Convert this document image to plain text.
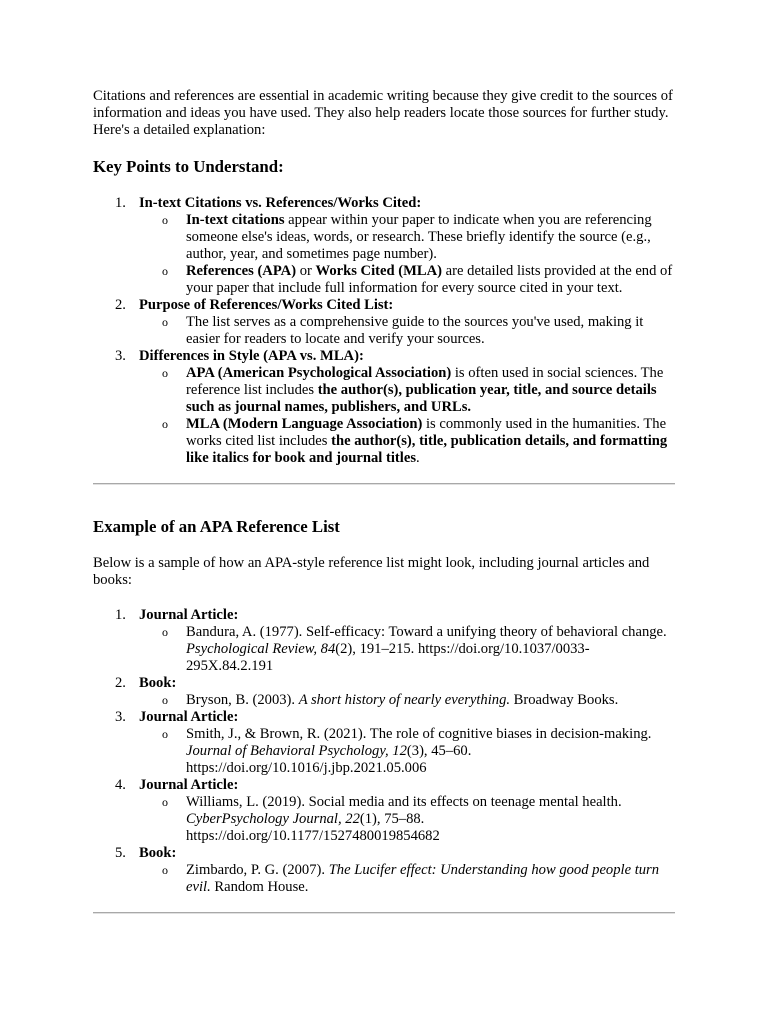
Citations and references are essential in academic writing because they give credit to the sources of information and ideas you have used. They also help readers locate those sources for further study. Here's a detailed explanation:

Key Points to Understand:
1. In-text Citations vs. References/Works Cited:
o In-text citations appear within your paper to indicate when you are referencing someone else's ideas, words, or research. These briefly identify the source (e.g., author, year, and sometimes page number).
o References (APA) or Works Cited (MLA) are detailed lists provided at the end of your paper that include full information for every source cited in your text.
2. Purpose of References/Works Cited List:
o The list serves as a comprehensive guide to the sources you've used, making it easier for readers to locate and verify your sources.
3. Differences in Style (APA vs. MLA):
o APA (American Psychological Association) is often used in social sciences. The reference list includes the author(s), publication year, title, and source details such as journal names, publishers, and URLs.
o MLA (Modern Language Association) is commonly used in the humanities. The works cited list includes the author(s), title, publication details, and formatting like italics for book and journal titles.
Example of an APA Reference List

Below is a sample of how an APA-style reference list might look, including journal articles and books:

1. Journal Article:
o Bandura, A. (1977). Self-efficacy: Toward a unifying theory of behavioral change. Psychological Review, 84(2), 191–215. https://doi.org/10.1037/0033-295X.84.2.191
2. Book:
o Bryson, B. (2003). A short history of nearly everything. Broadway Books.
3. Journal Article:
o Smith, J., & Brown, R. (2021). The role of cognitive biases in decision-making. Journal of Behavioral Psychology, 12(3), 45–60. https://doi.org/10.1016/j.jbp.2021.05.006
4. Journal Article:
o Williams, L. (2019). Social media and its effects on teenage mental health. CyberPsychology Journal, 22(1), 75–88. https://doi.org/10.1177/1527480019854682
5. Book:
o Zimbardo, P. G. (2007). The Lucifer effect: Understanding how good people turn evil. Random House.
